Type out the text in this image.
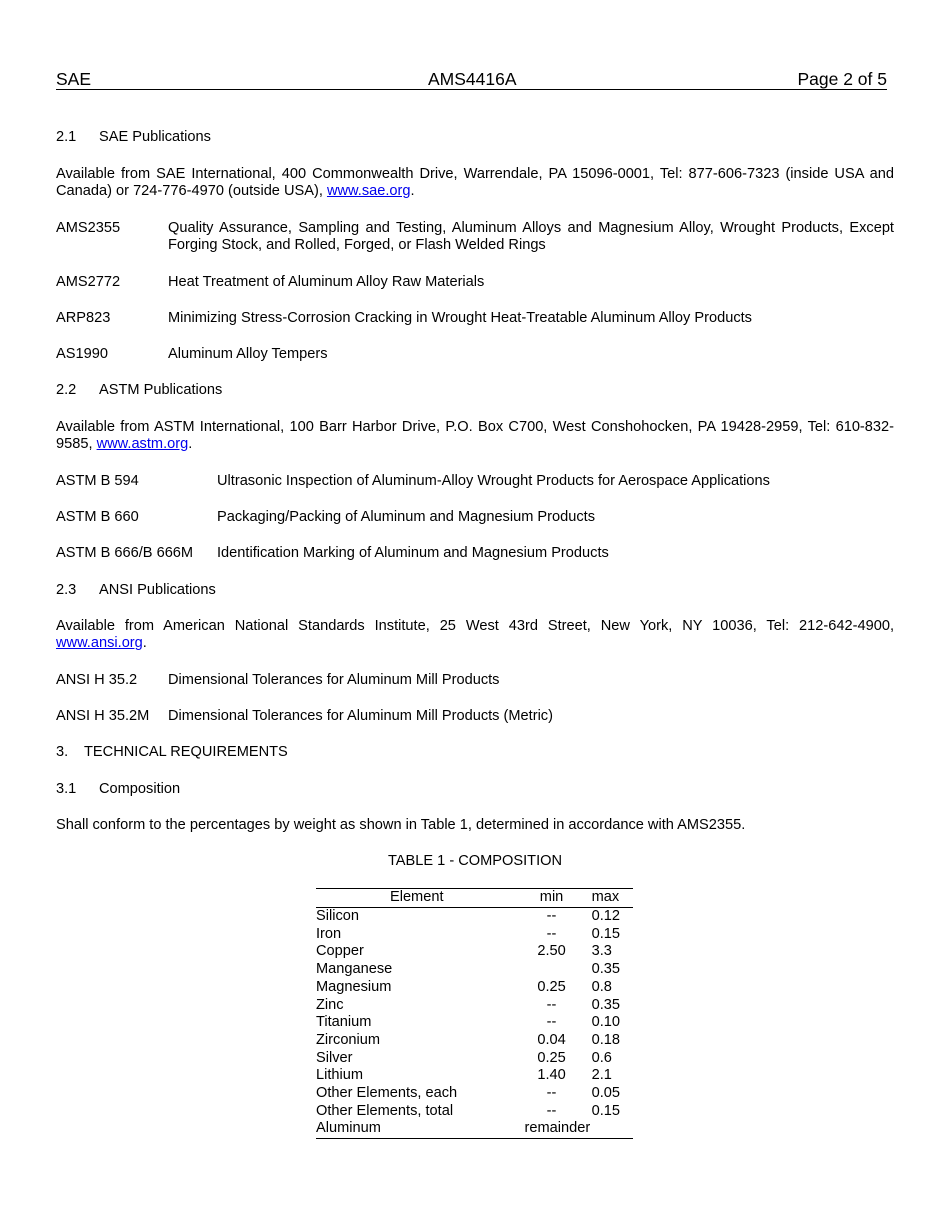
SAE	AMS4416A	Page 2 of 5
2.1 SAE Publications
Available from SAE International, 400 Commonwealth Drive, Warrendale, PA 15096-0001, Tel: 877-606-7323 (inside USA and Canada) or 724-776-4970 (outside USA), www.sae.org.
AMS2355	Quality Assurance, Sampling and Testing, Aluminum Alloys and Magnesium Alloy, Wrought Products, Except Forging Stock, and Rolled, Forged, or Flash Welded Rings
AMS2772	Heat Treatment of Aluminum Alloy Raw Materials
ARP823	Minimizing Stress-Corrosion Cracking in Wrought Heat-Treatable Aluminum Alloy Products
AS1990	Aluminum Alloy Tempers
2.2 ASTM Publications
Available from ASTM International, 100 Barr Harbor Drive, P.O. Box C700, West Conshohocken, PA 19428-2959, Tel: 610-832-9585, www.astm.org.
ASTM B 594	Ultrasonic Inspection of Aluminum-Alloy Wrought Products for Aerospace Applications
ASTM B 660	Packaging/Packing of Aluminum and Magnesium Products
ASTM B 666/B 666M Identification Marking of Aluminum and Magnesium Products
2.3 ANSI Publications
Available from American National Standards Institute, 25 West 43rd Street, New York, NY 10036, Tel: 212-642-4900, www.ansi.org.
ANSI H 35.2 Dimensional Tolerances for Aluminum Mill Products
ANSI H 35.2M Dimensional Tolerances for Aluminum Mill Products (Metric)
3. TECHNICAL REQUIREMENTS
3.1 Composition
Shall conform to the percentages by weight as shown in Table 1, determined in accordance with AMS2355.
TABLE 1 - COMPOSITION
Element	min	max
Silicon	--	0.12
Iron	--	0.15
Copper	2.50	3.3
Manganese		0.35
Magnesium	0.25	0.8
Zinc	--	0.35
Titanium	--	0.10
Zirconium	0.04	0.18
Silver	0.25	0.6
Lithium	1.40	2.1
Other Elements, each	--	0.05
Other Elements, total	--	0.15
Aluminum	remainder	
